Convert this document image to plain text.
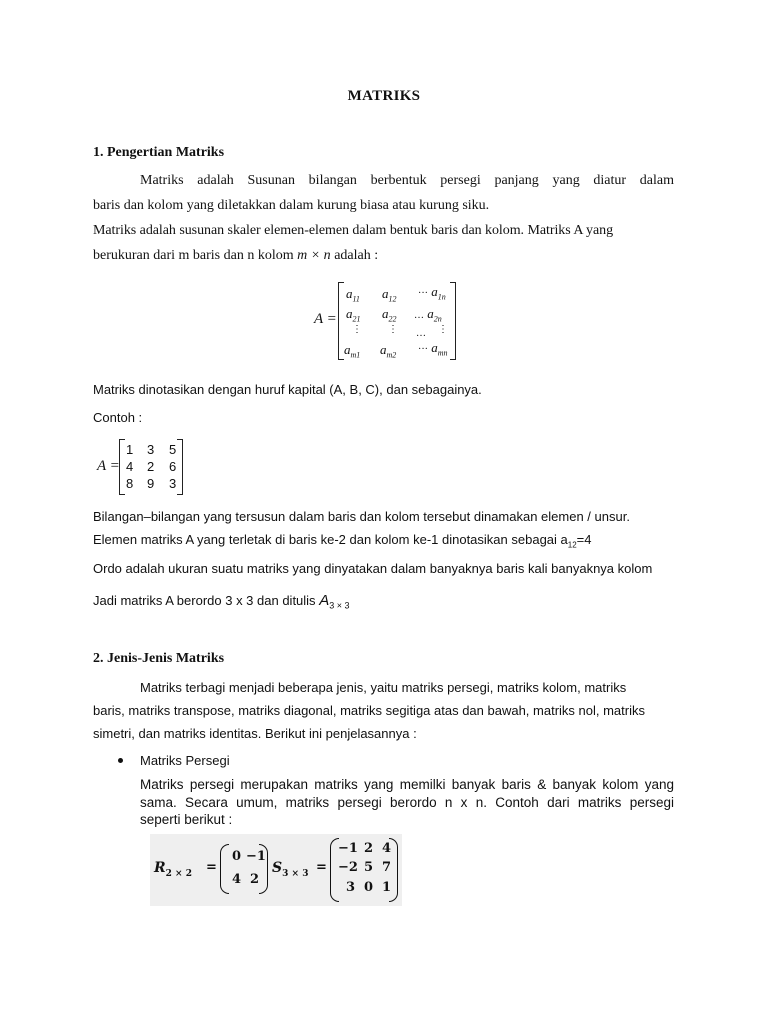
MATRIKS
1. Pengertian Matriks
Matriks adalah Susunan bilangan berbentuk persegi panjang yang diatur dalam
baris dan kolom yang diletakkan dalam kurung biasa atau kurung siku.
Matriks adalah susunan skaler elemen-elemen dalam bentuk baris dan kolom. Matriks A yang
berukuran dari m baris dan n kolom m × n adalah :
A =
$a_{11}$ $a_{12}$
··· $a_{1n}$
$a_{21}$ $a_{22}$ … $a_{2n}$
⋮	⋮ … ⋮
$a_{m1}$ $a_{m2}$
··· $a_{mn}$
Matriks dinotasikan dengan huruf kapital (A, B, C), dan sebagainya.
Contoh :
A =
1 3 5
4 2 6
8 9 3
Bilangan–bilangan yang tersusun dalam baris dan kolom tersebut dinamakan elemen / unsur.
Elemen matriks A yang terletak di baris ke-2 dan kolom ke-1 dinotasikan sebagai $a_{12}=4$
Ordo adalah ukuran suatu matriks yang dinyatakan dalam banyaknya baris kali banyaknya kolom
Jadi matriks A berordo 3 x 3 dan ditulis $A_{3 \times 3}$
2. Jenis-Jenis Matriks
Matriks terbagi menjadi beberapa jenis, yaitu matriks persegi, matriks kolom, matriks
baris, matriks transpose, matriks diagonal, matriks segitiga atas dan bawah, matriks nol, matriks
simetri, dan matriks identitas. Berikut ini penjelasannya :
Matriks Persegi
Matriks persegi merupakan matriks yang memilki banyak baris & banyak kolom yang
sama. Secara umum, matriks persegi berordo n x n. Contoh dari matriks persegi
seperti berikut :
$R_{2 \times 2}$ =
0 −1
4 2
$S_{3 \times 3}$ =
−1 2 4
−2 5 7
3 0 1
